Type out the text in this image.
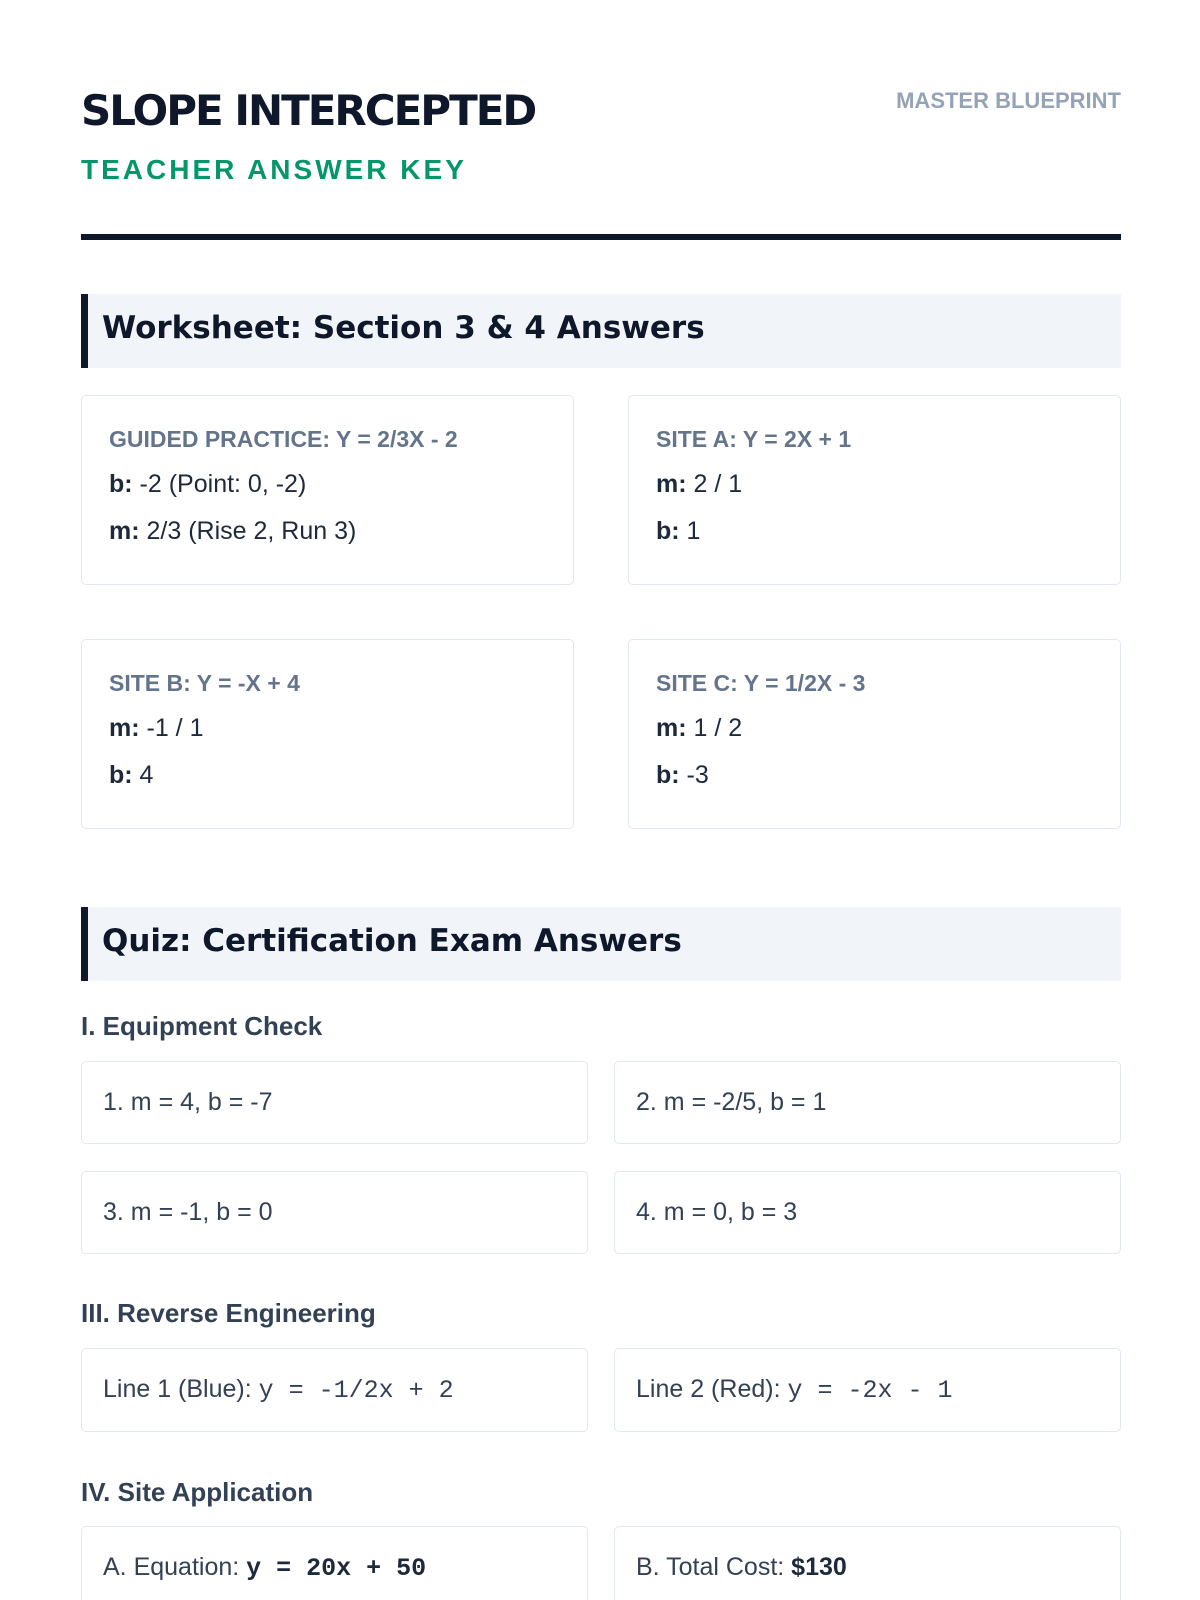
SLOPE INTERCEPTED
TEACHER ANSWER KEY
MASTER BLUEPRINT
Worksheet: Section 3 & 4 Answers
GUIDED PRACTICE: Y = 2/3X - 2
b: -2 (Point: 0, -2)
m: 2/3 (Rise 2, Run 3)
SITE A: Y = 2X + 1
m: 2 / 1
b: 1
SITE B: Y = -X + 4
m: -1 / 1
b: 4
SITE C: Y = 1/2X - 3
m: 1 / 2
b: -3
Quiz: Certification Exam Answers
I. Equipment Check
1. m = 4, b = -7	2. m = -2/5, b = 1
3. m = -1, b = 0	4. m = 0, b = 3
III. Reverse Engineering
Line 1 (Blue): y = -1/2x + 2	Line 2 (Red): y = -2x - 1
IV. Site Application
A. Equation: y = 20x + 50	B. Total Cost: $130
